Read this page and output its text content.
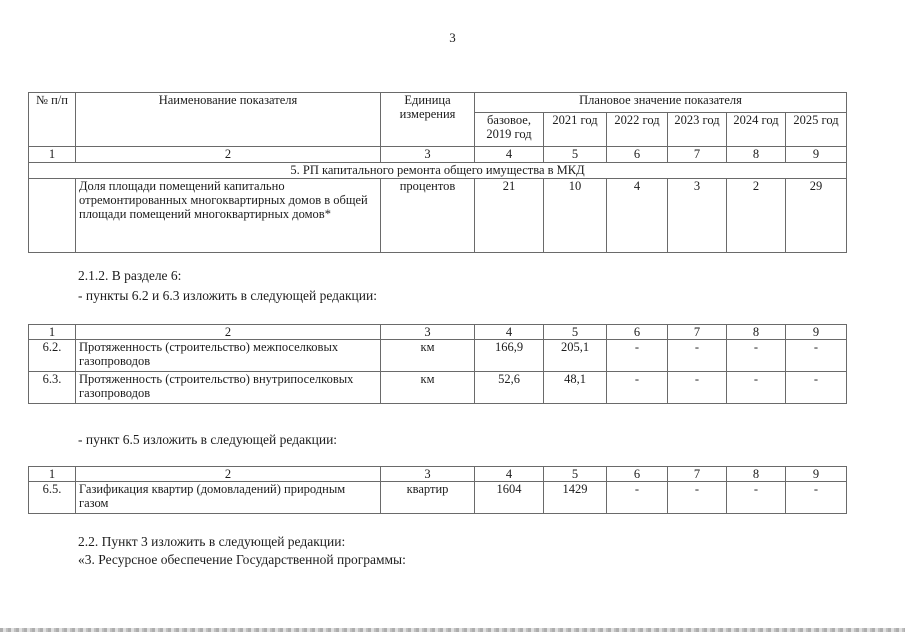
3
№ п/п	Наименование показателя	Единица измерения	Плановое значение показателя					
			базовое, 2019 год	2021 год	2022 год	2023 год	2024 год	2025 год
1	2	3	4	5	6	7	8	9
5. РП капитального ремонта общего имущества в МКД								
	Доля площади помещений капитально отремонтированных многоквартирных домов в общей площади помещений многоквартирных домов*	процентов	21	10	4	3	2	29
2.1.2. В разделе 6:
- пункты 6.2 и 6.3 изложить в следующей редакции:
1	2	3	4	5	6	7	8	9
6.2.	Протяженность (строительство) межпоселковых газопроводов	км	166,9	205,1	-	-	-	-
6.3.	Протяженность (строительство) внутрипоселковых газопроводов	км	52,6	48,1	-	-	-	-
- пункт 6.5 изложить в следующей редакции:
1	2	3	4	5	6	7	8	9
6.5.	Газификация квартир (домовладений) природным газом	квартир	1604	1429	-	-	-	-
2.2. Пункт 3 изложить в следующей редакции:
«3. Ресурсное обеспечение Государственной программы:
